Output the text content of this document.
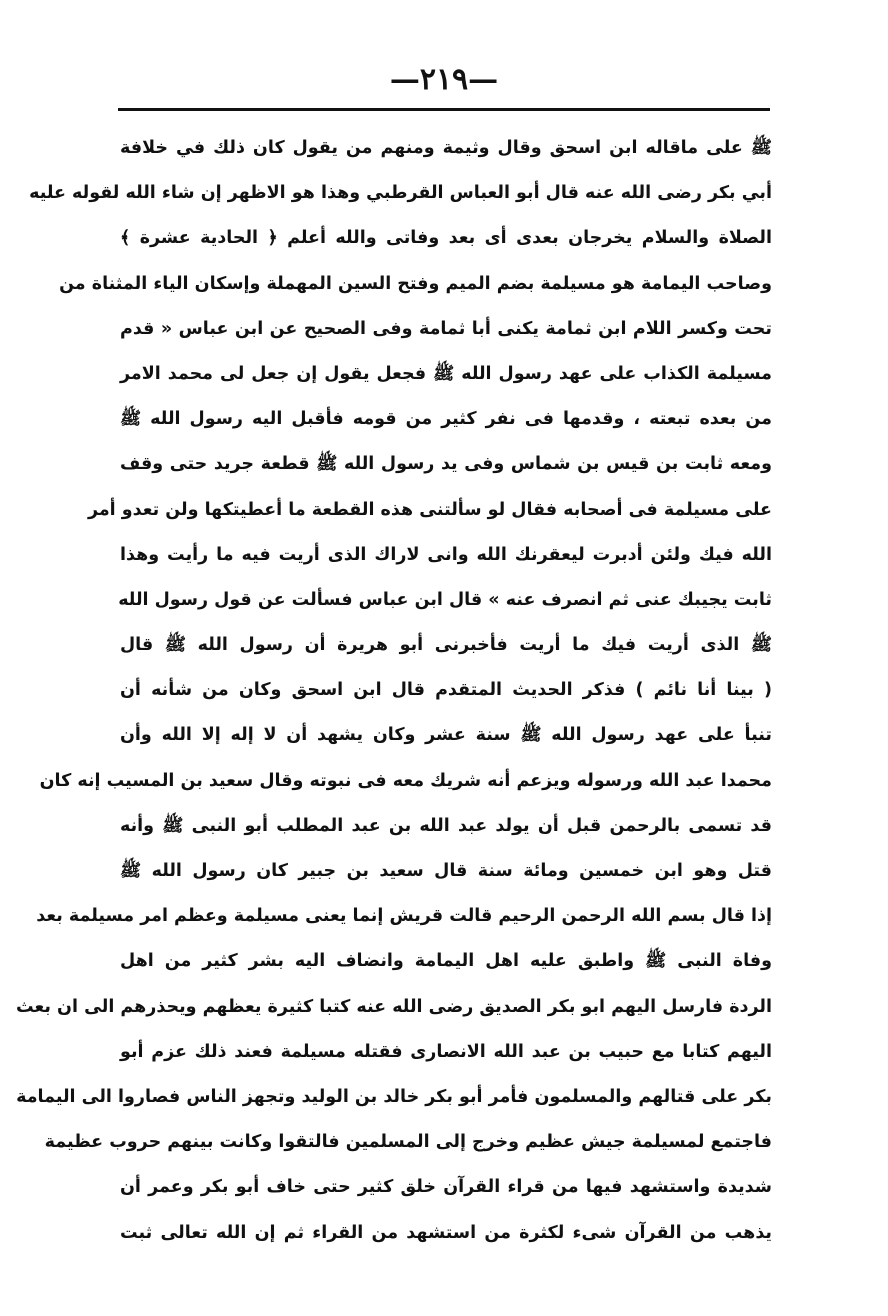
—٢١٩—
ﷺ على ماقاله ابن اسحق وقال وثيمة ومنهم من يقول كان ذلك في خلافة
أبي بكر رضى الله عنه قال أبو العباس القرطبي وهذا هو الاظهر إن شاء الله لقوله عليه
الصلاة والسلام يخرجان بعدى أى بعد وفاتى والله أعلم ﴿ الحادية عشرة ﴾
وصاحب اليمامة هو مسيلمة بضم الميم وفتح السين المهملة وإسكان الياء المثناة من
تحت وكسر اللام ابن ثمامة يكنى أبا ثمامة وفى الصحيح عن ابن عباس « قدم
مسيلمة الكذاب على عهد رسول الله ﷺ فجعل يقول إن جعل لى محمد الامر
من بعده تبعته ، وقدمها فى نفر كثير من قومه فأقبل اليه رسول الله ﷺ
ومعه ثابت بن قيس بن شماس وفى يد رسول الله ﷺ قطعة جريد حتى وقف
على مسيلمة فى أصحابه فقال لو سألتنى هذه القطعة ما أعطيتكها ولن تعدو أمر
الله فيك ولئن أدبرت ليعقرنك الله وانى لاراك الذى أريت فيه ما رأيت وهذا
ثابت يجيبك عنى ثم انصرف عنه » قال ابن عباس فسألت عن قول رسول الله
ﷺ الذى أريت فيك ما أريت فأخبرنى أبو هريرة أن رسول الله ﷺ قال
( بينا أنا نائم ) فذكر الحديث المتقدم قال ابن اسحق وكان من شأنه أن
تنبأ على عهد رسول الله ﷺ سنة عشر وكان يشهد أن لا إله إلا الله وأن
محمدا عبد الله ورسوله ويزعم أنه شريك معه فى نبوته وقال سعيد بن المسيب إنه كان
قد تسمى بالرحمن قبل أن يولد عبد الله بن عبد المطلب أبو النبى ﷺ وأنه
قتل وهو ابن خمسين ومائة سنة قال سعيد بن جبير كان رسول الله ﷺ
إذا قال بسم الله الرحمن الرحيم قالت قريش إنما يعنى مسيلمة وعظم امر مسيلمة بعد
وفاة النبى ﷺ واطبق عليه اهل اليمامة وانضاف اليه بشر كثير من اهل
الردة فارسل اليهم ابو بكر الصديق رضى الله عنه كتبا كثيرة يعظهم ويحذرهم الى ان بعث
اليهم كتابا مع حبيب بن عبد الله الانصارى فقتله مسيلمة فعند ذلك عزم أبو
بكر على قتالهم والمسلمون فأمر أبو بكر خالد بن الوليد وتجهز الناس فصاروا الى اليمامة
فاجتمع لمسيلمة جيش عظيم وخرج إلى المسلمين فالتقوا وكانت بينهم حروب عظيمة
شديدة واستشهد فيها من قراء القرآن خلق كثير حتى خاف أبو بكر وعمر أن
يذهب من القرآن شىء لكثرة من استشهد من القراء ثم إن الله تعالى ثبت
